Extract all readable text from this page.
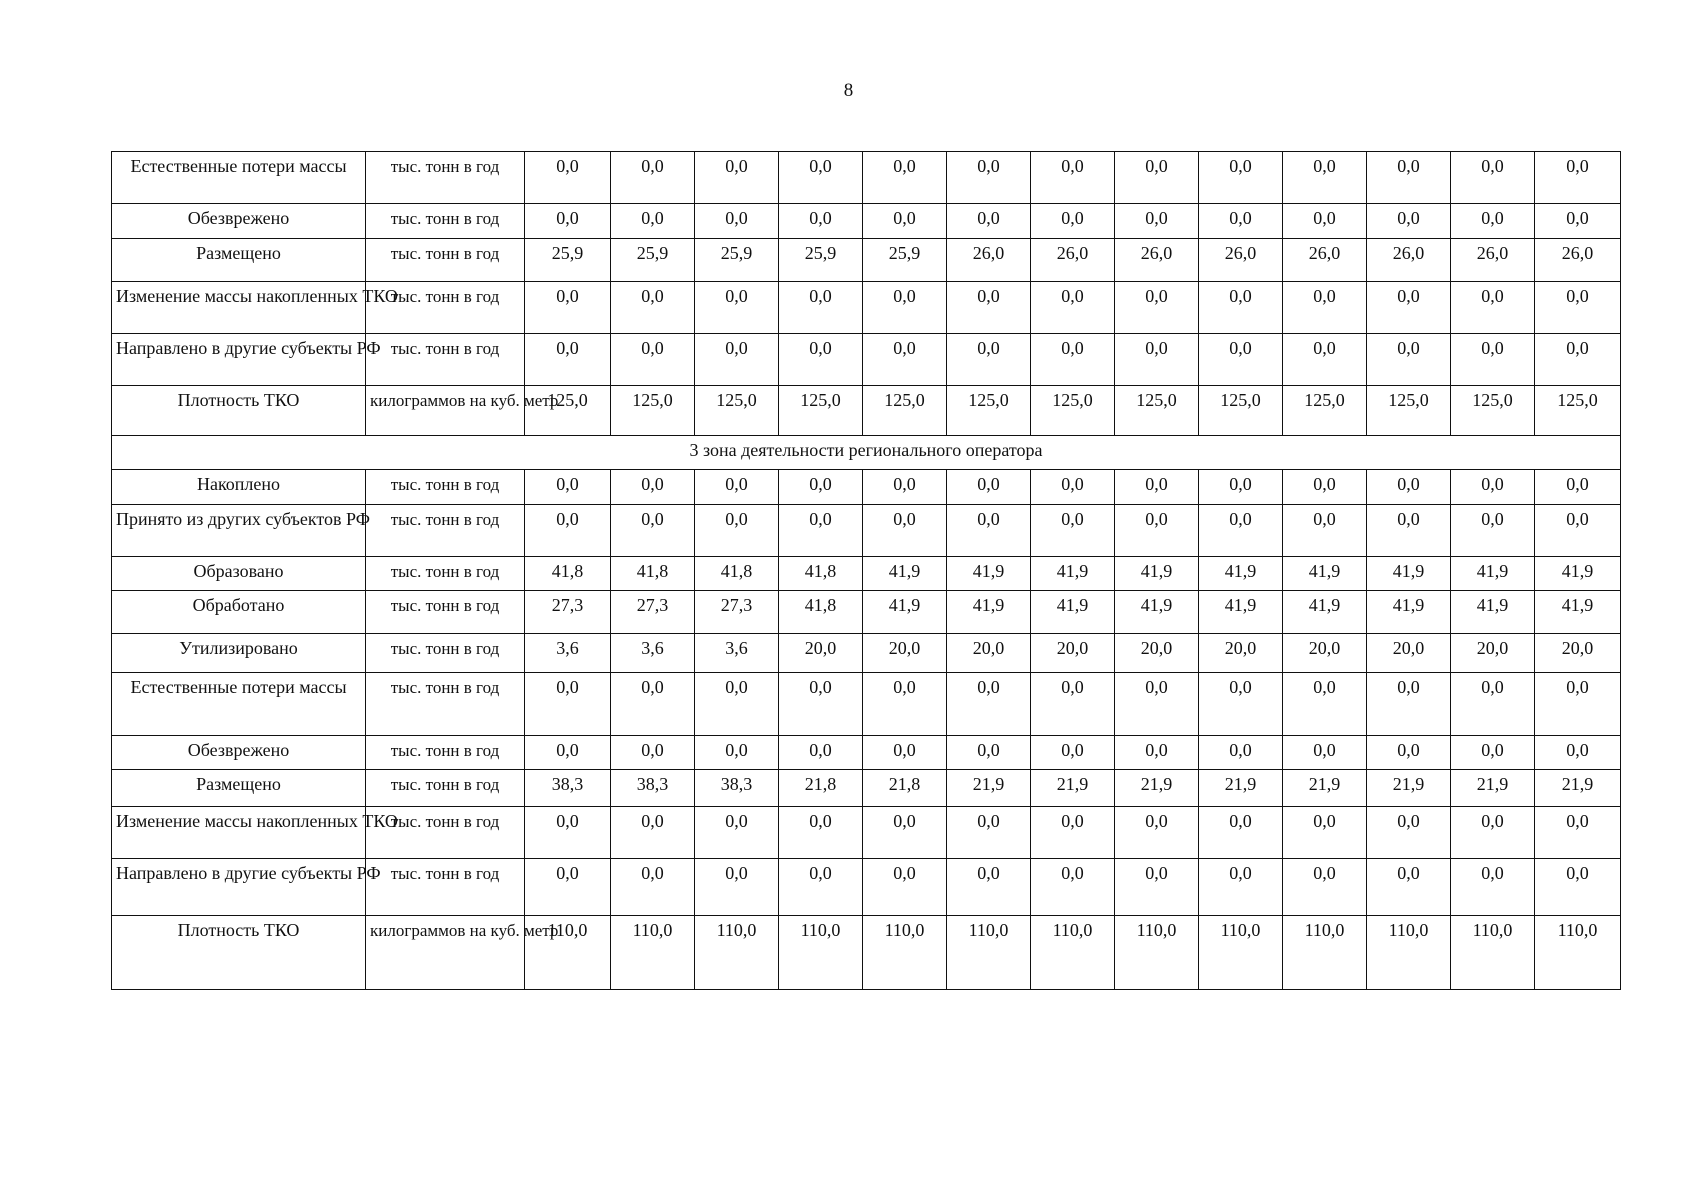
8
Естественные потери массы	тыс. тонн в год	0,0	0,0	0,0	0,0	0,0	0,0	0,0	0,0	0,0	0,0	0,0	0,0	0,0
Обезврежено	тыс. тонн в год	0,0	0,0	0,0	0,0	0,0	0,0	0,0	0,0	0,0	0,0	0,0	0,0	0,0
Размещено	тыс. тонн в год	25,9	25,9	25,9	25,9	25,9	26,0	26,0	26,0	26,0	26,0	26,0	26,0	26,0
Изменение массы накопленных ТКО	тыс. тонн в год	0,0	0,0	0,0	0,0	0,0	0,0	0,0	0,0	0,0	0,0	0,0	0,0	0,0
Направлено в другие субъекты РФ	тыс. тонн в год	0,0	0,0	0,0	0,0	0,0	0,0	0,0	0,0	0,0	0,0	0,0	0,0	0,0
Плотность ТКО	килограммов на куб. метр	125,0	125,0	125,0	125,0	125,0	125,0	125,0	125,0	125,0	125,0	125,0	125,0	125,0
3 зона деятельности регионального оператора														
Накоплено	тыс. тонн в год	0,0	0,0	0,0	0,0	0,0	0,0	0,0	0,0	0,0	0,0	0,0	0,0	0,0
Принято из других субъектов РФ	тыс. тонн в год	0,0	0,0	0,0	0,0	0,0	0,0	0,0	0,0	0,0	0,0	0,0	0,0	0,0
Образовано	тыс. тонн в год	41,8	41,8	41,8	41,8	41,9	41,9	41,9	41,9	41,9	41,9	41,9	41,9	41,9
Обработано	тыс. тонн в год	27,3	27,3	27,3	41,8	41,9	41,9	41,9	41,9	41,9	41,9	41,9	41,9	41,9
Утилизировано	тыс. тонн в год	3,6	3,6	3,6	20,0	20,0	20,0	20,0	20,0	20,0	20,0	20,0	20,0	20,0
Естественные потери массы	тыс. тонн в год	0,0	0,0	0,0	0,0	0,0	0,0	0,0	0,0	0,0	0,0	0,0	0,0	0,0
Обезврежено	тыс. тонн в год	0,0	0,0	0,0	0,0	0,0	0,0	0,0	0,0	0,0	0,0	0,0	0,0	0,0
Размещено	тыс. тонн в год	38,3	38,3	38,3	21,8	21,8	21,9	21,9	21,9	21,9	21,9	21,9	21,9	21,9
Изменение массы накопленных ТКО	тыс. тонн в год	0,0	0,0	0,0	0,0	0,0	0,0	0,0	0,0	0,0	0,0	0,0	0,0	0,0
Направлено в другие субъекты РФ	тыс. тонн в год	0,0	0,0	0,0	0,0	0,0	0,0	0,0	0,0	0,0	0,0	0,0	0,0	0,0
Плотность ТКО	килограммов на куб. метр	110,0	110,0	110,0	110,0	110,0	110,0	110,0	110,0	110,0	110,0	110,0	110,0	110,0
